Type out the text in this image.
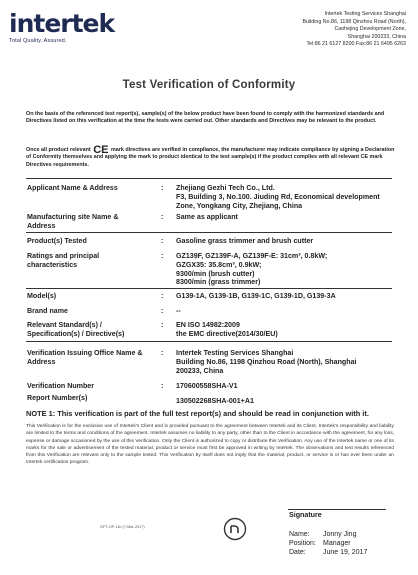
intertek
Total Quality. Assured.
Intertek Testing Services Shanghai
Building No.86, 1198 Qinzhou Road (North),
Caohejing Development Zone,
Shanghai 200233, China
Tel:86 21 6127 8200 Fax:86 21 6495 6263
Test Verification of Conformity
On the basis of the referenced test report(s), sample(s) of the below product have been found to comply with the harmonized standards and Directives listed on this verification at the time the tests were carried out. Other standards and Directives may be relevant to the product.
Once all product relevant CE mark directives are verified in compliance, the manufacturer may indicate compliance by signing a Declaration of Conformity themselves and applying the mark to product identical to the test sample(s) if the product complies with all relevant CE mark Directives requirements.
Applicant Name & Address	: Zhejiang Gezhi Tech Co., Ltd.
F3, Building 3, No.100. Jiuding Rd, Economical development
Zone, Yongkang City, Zhejiang, China
Manufacturing site Name &
Address
: Same as applicant
Product(s) Tested	: Gasoline grass trimmer and brush cutter
Ratings and principal
characteristics
: GZ139F, GZ139F-A, GZ139F-E: 31cm³, 0.8kW;
GZGX35: 35.8cm³, 0.9kW;
9300/min (brush cutter)
8300/min (grass trimmer)
Model(s)	: G139-1A, G139-1B, G139-1C, G139-1D, G139-3A
Brand name	: --
Relevant Standard(s) /
Specification(s) / Directive(s)
: EN ISO 14982:2009
the EMC directive(2014/30/EU)
Verification Issuing Office Name &
Address
: Intertek Testing Services Shanghai
Building No.86, 1198 Qinzhou Road (North), Shanghai
200233, China
Verification Number	: 170600558SHA-V1
Report Number(s)	130502268SHA-001+A1
NOTE 1: This verification is part of the full test report(s) and should be read in conjunction with it.
This Verification is for the exclusive use of Intertek's Client and is provided pursuant to the agreement between Intertek and its Client. Intertek's responsibility and liability are limited to the terms and conditions of the agreement. Intertek assumes no liability to any party, other than to the Client in accordance with the agreement, for any loss, expense or damage occasioned by the use of this Verification. Only the Client is authorized to copy or distribute this Verification. Any use of the Intertek name or one of its marks for the sale or advertisement of the tested material, product or service must first be approved in writing by Intertek. The observations and test results referenced from this Verification are relevant only to the sample tested. This Verification by itself does not imply that the material, product, or service is or has ever been under an Intertek certification program.
Signature
Name: Jonny Jing
Position: Manager
Date: June 19, 2017
GFT-OP-11b (7-Mar-2017)
